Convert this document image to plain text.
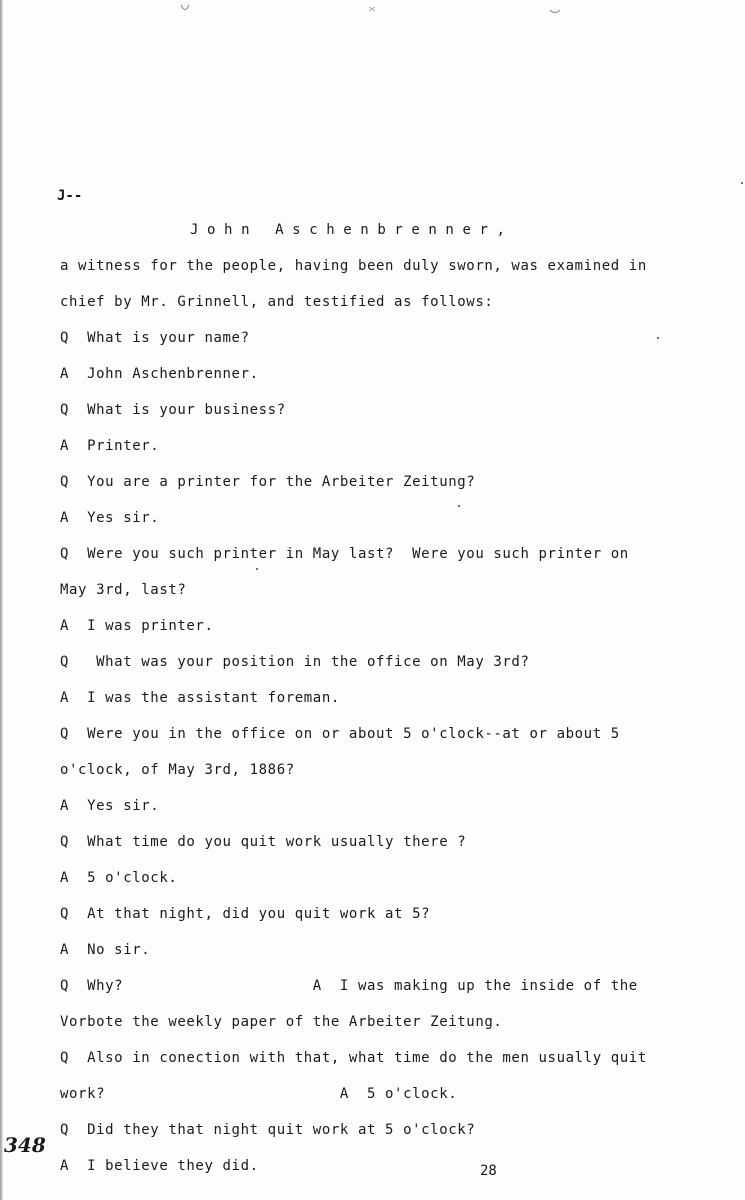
J--
John Aschenbrenner,
a witness for the people, having been duly sworn, was examined in
chief by Mr. Grinnell, and testified as follows:
Q  What is your name?
A  John Aschenbrenner.
Q  What is your business?
A  Printer.
Q  You are a printer for the Arbeiter Zeitung?
A  Yes sir.
Q  Were you such printer in May last?  Were you such printer on
May 3rd, last?
A  I was printer.
Q   What was your position in the office on May 3rd?
A  I was the assistant foreman.
Q  Were you in the office on or about 5 o'clock--at or about 5
o'clock, of May 3rd, 1886?
A  Yes sir.
Q  What time do you quit work usually there ?
A  5 o'clock.
Q  At that night, did you quit work at 5?
A  No sir.
Q  Why?                     A  I was making up the inside of the
Vorbote the weekly paper of the Arbeiter Zeitung.
Q  Also in conection with that, what time do the men usually quit
work?                          A  5 o'clock.
Q  Did they that night quit work at 5 o'clock?
A  I believe they did.
348
28
